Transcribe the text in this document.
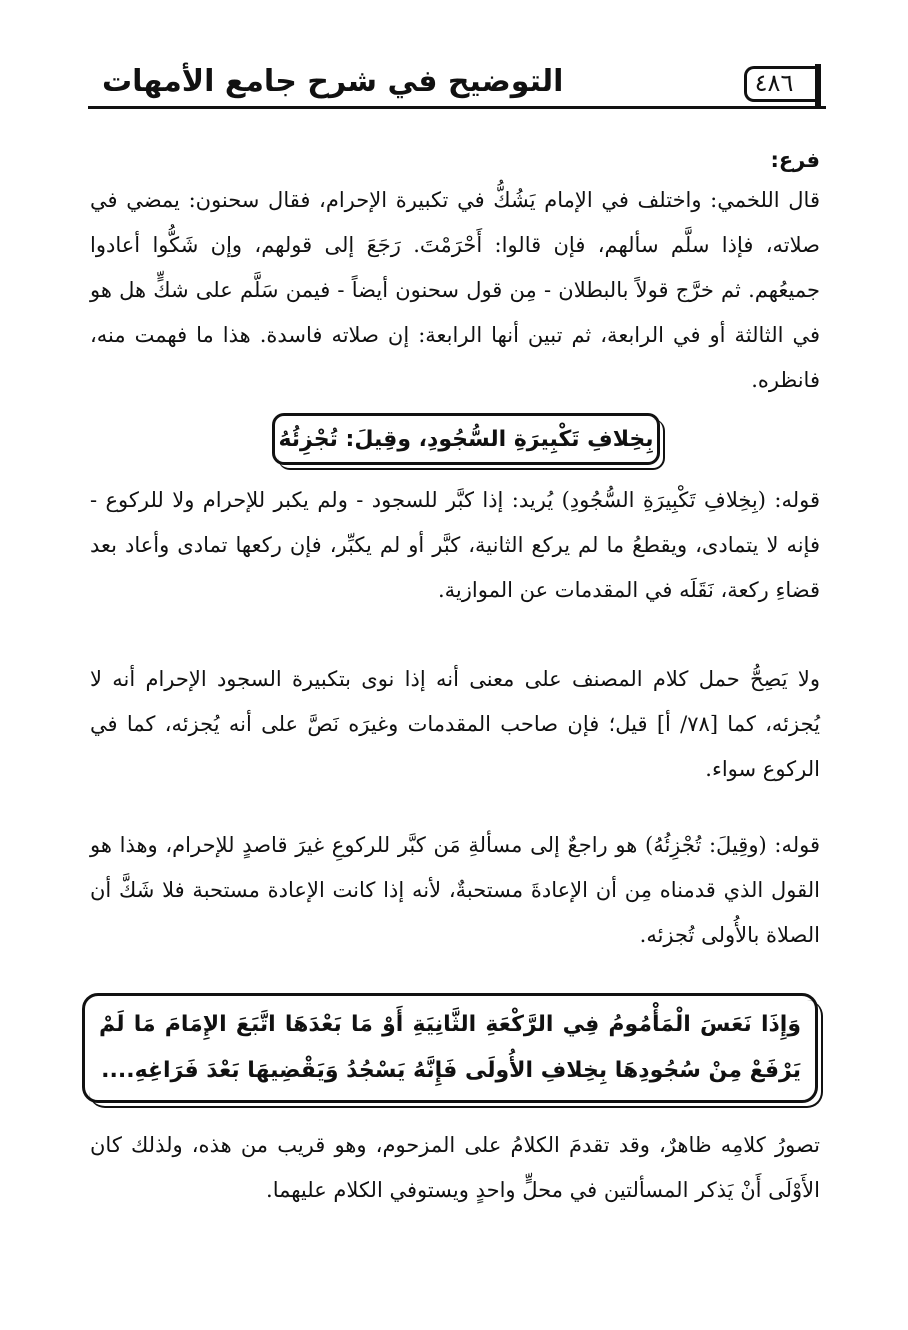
التوضيح في شرح جامع الأمهات	٤٨٦

فرع:

قال اللخمي: واختلف في الإمام يَشُكُّ في تكبيرة الإحرام، فقال سحنون: يمضي في صلاته، فإذا سلَّم سألهم، فإن قالوا: أَحْرَمْتَ. رَجَعَ إلى قولهم، وإن شَكُّوا أعادوا جميعُهم. ثم خرَّج قولاً بالبطلان - مِن قول سحنون أيضاً - فيمن سَلَّم على شكٍّ هل هو في الثالثة أو في الرابعة، ثم تبين أنها الرابعة: إن صلاته فاسدة. هذا ما فهمت منه، فانظره.

بِخِلافِ تَكْبِيرَةِ السُّجُودِ، وقِيلَ: تُجْزِئُهُ

قوله: (بِخِلافِ تَكْبِيرَةِ السُّجُودِ) يُريد: إذا كبَّر للسجود - ولم يكبر للإحرام ولا للركوع - فإنه لا يتمادى، ويقطعُ ما لم يركع الثانية، كبَّر أو لم يكبِّر، فإن ركعها تمادى وأعاد بعد قضاءِ ركعة، نَقَلَه في المقدمات عن الموازية.

ولا يَصِحُّ حمل كلام المصنف على معنى أنه إذا نوى بتكبيرة السجود الإحرام أنه لا يُجزئه، كما [٧٨/ أ] قيل؛ فإن صاحب المقدمات وغيرَه نَصَّ على أنه يُجزئه، كما في الركوع سواء.

قوله: (وقِيلَ: تُجْزِئُهُ) هو راجعٌ إلى مسألةِ مَن كبَّر للركوعِ غيرَ قاصدٍ للإحرام، وهذا هو القول الذي قدمناه مِن أن الإعادةَ مستحبةٌ، لأنه إذا كانت الإعادة مستحبة فلا شَكَّ أن الصلاة بالأُولى تُجزئه.

وَإِذَا نَعَسَ الْمَأْمُومُ فِي الرَّكْعَةِ الثَّانِيَةِ أَوْ مَا بَعْدَهَا اتَّبَعَ الإِمَامَ مَا لَمْ يَرْفَعْ مِنْ سُجُودِهَا بِخِلافِ الأُولَى فَإِنَّهُ يَسْجُدُ وَيَقْضِيهَا بَعْدَ فَرَاغِهِ....

تصورُ كلامِه ظاهرٌ، وقد تقدمَ الكلامُ على المزحوم، وهو قريب من هذه، ولذلك كان الأَوْلَى أَنْ يَذكر المسألتين في محلٍّ واحدٍ ويستوفي الكلام عليهما.
